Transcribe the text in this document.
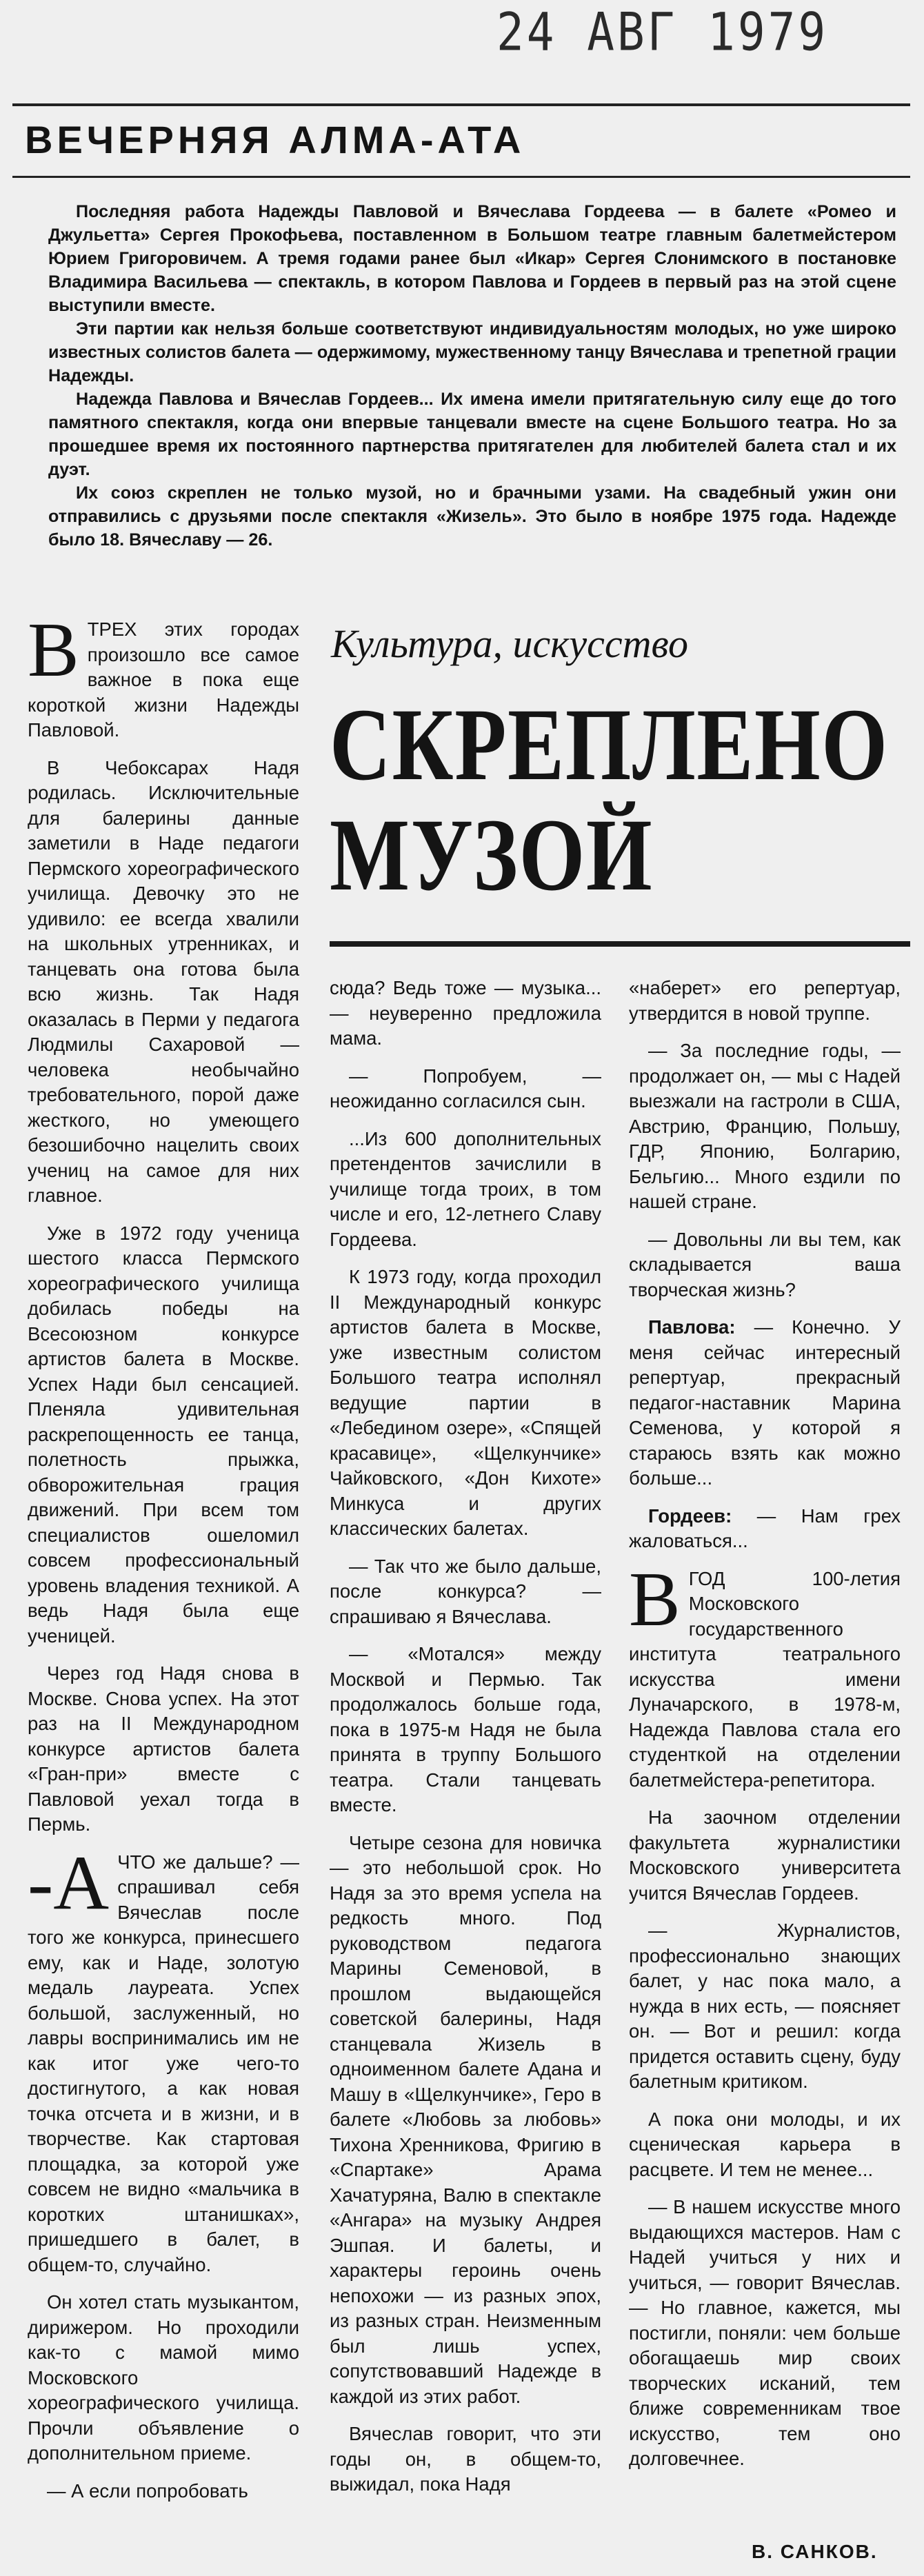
24 АВГ 1979
ВЕЧЕРНЯЯ АЛМА-АТА

Последняя работа Надежды Павловой и Вячеслава Гордеева — в балете «Ромео и Джульетта» Сергея Прокофьева, поставленном в Большом театре главным балетмейстером Юрием Григоровичем. А тремя годами ранее был «Икар» Сергея Слонимского в постановке Владимира Васильева — спектакль, в котором Павлова и Гордеев в первый раз на этой сцене выступили вместе.

Эти партии как нельзя больше соответствуют индивидуальностям молодых, но уже широко известных солистов балета — одержимому, мужественному танцу Вячеслава и трепетной грации Надежды.

Надежда Павлова и Вячеслав Гордеев... Их имена имели притягательную силу еще до того памятного спектакля, когда они впервые танцевали вместе на сцене Большого театра. Но за прошедшее время их постоянного партнерства притягателен для любителей балета стал и их дуэт.

Их союз скреплен не только музой, но и брачными узами. На свадебный ужин они отправились с друзьями после спектакля «Жизель». Это было в ноябре 1975 года. Надежде было 18. Вячеславу — 26.

Культура, искусство
СКРЕПЛЕНО
МУЗОЙ

ВТРЕХ этих городах произошло все самое важное в пока еще короткой жизни Надежды Павловой.

В Чебоксарах Надя родилась. Исключительные для балерины данные заметили в Наде педагоги Пермского хореографического училища. Девочку это не удивило: ее всегда хвалили на школьных утренниках, и танцевать она готова была всю жизнь. Так Надя оказалась в Перми у педагога Людмилы Сахаровой — человека необычайно требовательного, порой даже жесткого, но умеющего безошибочно нацелить своих учениц на самое для них главное.

Уже в 1972 году ученица шестого класса Пермского хореографического училища добилась победы на Всесоюзном конкурсе артистов балета в Москве. Успех Нади был сенсацией. Пленяла удивительная раскрепощенность ее танца, полетность прыжка, обворожительная грация движений. При всем том специалистов ошеломил совсем профессиональный уровень владения техникой. А ведь Надя была еще ученицей.

Через год Надя снова в Москве. Снова успех. На этот раз на II Международном конкурсе артистов балета «Гран-при» вместе с Павловой уехал тогда в Пермь.

-А ЧТО же дальше? — спрашивал себя Вячеслав после того же конкурса, принесшего ему, как и Наде, золотую медаль лауреата. Успех большой, заслуженный, но лавры воспринимались им не как итог уже чего-то достигнутого, а как новая точка отсчета и в жизни, и в творчестве. Как стартовая площадка, за которой уже совсем не видно «мальчика в коротких штанишках», пришедшего в балет, в общем-то, случайно.

Он хотел стать музыкантом, дирижером. Но проходили как-то с мамой мимо Московского хореографического училища. Прочли объявление о дополнительном приеме.

— А если попробовать

сюда? Ведь тоже — музыка... — неуверенно предложила мама.

— Попробуем, — неожиданно согласился сын.

...Из 600 дополнительных претендентов зачислили в училище тогда троих, в том числе и его, 12-летнего Славу Гордеева.

К 1973 году, когда проходил II Международный конкурс артистов балета в Москве, уже известным солистом Большого театра исполнял ведущие партии в «Лебедином озере», «Спящей красавице», «Щелкунчике» Чайковского, «Дон Кихоте» Минкуса и других классических балетах.

— Так что же было дальше, после конкурса? — спрашиваю я Вячеслава.

— «Мотался» между Москвой и Пермью. Так продолжалось больше года, пока в 1975-м Надя не была принята в труппу Большого театра. Стали танцевать вместе.

Четыре сезона для новичка — это небольшой срок. Но Надя за это время успела на редкость много. Под руководством педагога Марины Семеновой, в прошлом выдающейся советской балерины, Надя станцевала Жизель в одноименном балете Адана и Машу в «Щелкунчике», Геро в балете «Любовь за любовь» Тихона Хренникова, Фригию в «Спартаке» Арама Хачатуряна, Валю в спектакле «Ангара» на музыку Андрея Эшпая. И балеты, и характеры героинь очень непохожи — из разных эпох, из разных стран. Неизменным был лишь успех, сопутствовавший Надежде в каждой из этих работ.

Вячеслав говорит, что эти годы он, в общем-то, выжидал, пока Надя

«наберет» его репертуар, утвердится в новой труппе.

— За последние годы, — продолжает он, — мы с Надей выезжали на гастроли в США, Австрию, Францию, Польшу, ГДР, Японию, Болгарию, Бельгию... Много ездили по нашей стране.

— Довольны ли вы тем, как складывается ваша творческая жизнь?

Павлова: — Конечно. У меня сейчас интересный репертуар, прекрасный педагог-наставник Марина Семенова, у которой я стараюсь взять как можно больше...

Гордеев: — Нам грех жаловаться...

ВГОД 100-летия Московского государственного института театрального искусства имени Луначарского, в 1978-м, Надежда Павлова стала его студенткой на отделении балетмейстера-репетитора.

На заочном отделении факультета журналистики Московского университета учится Вячеслав Гордеев.

— Журналистов, профессионально знающих балет, у нас пока мало, а нужда в них есть, — поясняет он. — Вот и решил: когда придется оставить сцену, буду балетным критиком.

А пока они молоды, и их сценическая карьера в расцвете. И тем не менее...

— В нашем искусстве много выдающихся мастеров. Нам с Надей учиться у них и учиться, — говорит Вячеслав. — Но главное, кажется, мы постигли, поняли: чем больше обогащаешь мир своих творческих исканий, тем ближе современникам твое искусство, тем оно долговечнее.

В. САНКОВ.
